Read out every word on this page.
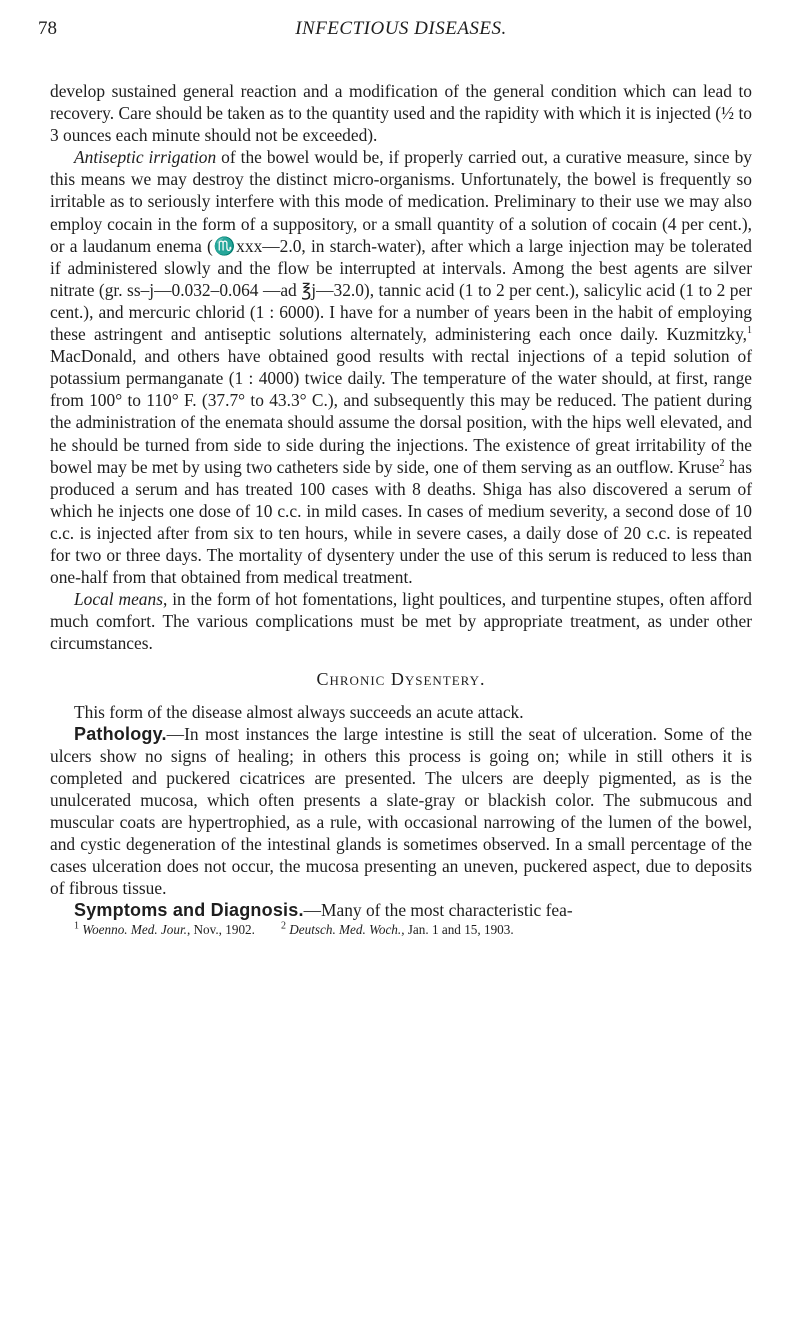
78	INFECTIOUS DISEASES.

develop sustained general reaction and a modification of the general condition which can lead to recovery. Care should be taken as to the quantity used and the rapidity with which it is injected (½ to 3 ounces each minute should not be exceeded).

Antiseptic irrigation of the bowel would be, if properly carried out, a curative measure, since by this means we may destroy the distinct micro-organisms. Unfortunately, the bowel is frequently so irritable as to seriously interfere with this mode of medication. Preliminary to their use we may also employ cocain in the form of a suppository, or a small quantity of a solution of cocain (4 per cent.), or a laudanum enema (♏xxx—2.0, in starch-water), after which a large injection may be tolerated if administered slowly and the flow be interrupted at intervals. Among the best agents are silver nitrate (gr. ss–j—0.032–0.064 —ad ℥j—32.0), tannic acid (1 to 2 per cent.), salicylic acid (1 to 2 per cent.), and mercuric chlorid (1 : 6000). I have for a number of years been in the habit of employing these astringent and antiseptic solutions alternately, administering each once daily. Kuzmitzky,$^1$ MacDonald, and others have obtained good results with rectal injections of a tepid solution of potassium permanganate (1 : 4000) twice daily. The temperature of the water should, at first, range from 100° to 110° F. (37.7° to 43.3° C.), and subsequently this may be reduced. The patient during the administration of the enemata should assume the dorsal position, with the hips well elevated, and he should be turned from side to side during the injections. The existence of great irritability of the bowel may be met by using two catheters side by side, one of them serving as an outflow. Kruse$^2$ has produced a serum and has treated 100 cases with 8 deaths. Shiga has also discovered a serum of which he injects one dose of 10 c.c. in mild cases. In cases of medium severity, a second dose of 10 c.c. is injected after from six to ten hours, while in severe cases, a daily dose of 20 c.c. is repeated for two or three days. The mortality of dysentery under the use of this serum is reduced to less than one-half from that obtained from medical treatment.

Local means, in the form of hot fomentations, light poultices, and turpentine stupes, often afford much comfort. The various complications must be met by appropriate treatment, as under other circumstances.

Chronic Dysentery.

This form of the disease almost always succeeds an acute attack.

Pathology.—In most instances the large intestine is still the seat of ulceration. Some of the ulcers show no signs of healing; in others this process is going on; while in still others it is completed and puckered cicatrices are presented. The ulcers are deeply pigmented, as is the unulcerated mucosa, which often presents a slate-gray or blackish color. The submucous and muscular coats are hypertrophied, as a rule, with occasional narrowing of the lumen of the bowel, and cystic degeneration of the intestinal glands is sometimes observed. In a small percentage of the cases ulceration does not occur, the mucosa presenting an uneven, puckered aspect, due to deposits of fibrous tissue.

Symptoms and Diagnosis.—Many of the most characteristic fea-

$^1$ Woenno. Med. Jour., Nov., 1902.	$^2$ Deutsch. Med. Woch., Jan. 1 and 15, 1903.
